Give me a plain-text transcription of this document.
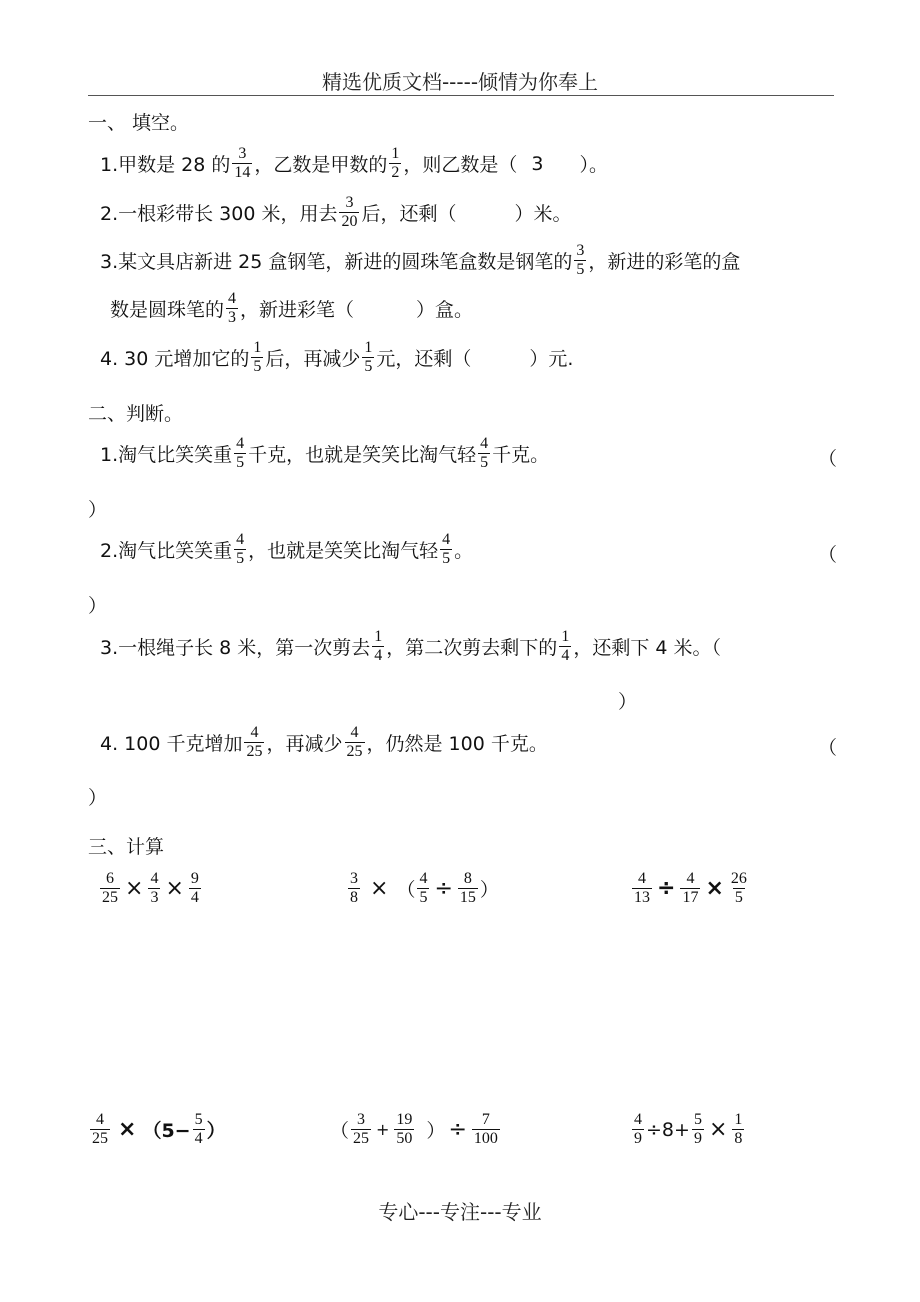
精选优质文档-----倾情为你奉上
一、 填空。
1.甲数是 28 的 $\frac{3}{14}$ ，乙数是甲数的 $\frac{1}{2}$ ，则乙数是（ 3 ）。
2.一根彩带长 300 米，用去 $\frac{3}{20}$ 后，还剩（	）米。
3.某文具店新进 25 盒钢笔，新进的圆珠笔盒数是钢笔的 $\frac{3}{5}$ ，新进的彩笔的盒
数是圆珠笔的 $\frac{4}{3}$ ，新进彩笔（	）盒。
4. 30 元增加它的 $\frac{1}{5}$ 后，再减少 $\frac{1}{5}$ 元，还剩（	）元.
二、判断。
1.淘气比笑笑重 $\frac{4}{5}$ 千克，也就是笑笑比淘气轻 $\frac{4}{5}$ 千克。	（
）
2.淘气比笑笑重 $\frac{4}{5}$ ，也就是笑笑比淘气轻 $\frac{4}{5}$ 。	（
）
3.一根绳子长 8 米，第一次剪去 $\frac{1}{4}$ ，第二次剪去剩下的 $\frac{1}{4}$ ，还剩下 4 米。（
）
4. 100 千克增加 $\frac{4}{25}$ ，再减少 $\frac{4}{25}$ ，仍然是 100 千克。	（
）
三、计算
$\frac{6}{25} \times \frac{4}{3} \times \frac{9}{4}$	$\frac{3}{8}$ × （ $\frac{4}{5} \div \frac{8}{15}$ ）	$\frac{4}{13} \div \frac{4}{17} \times \frac{26}{5}$
$\frac{4}{25} \times (5- \frac{5}{4}$ ）	（ $\frac{3}{25} + \frac{19}{50}$ ） ÷ $\frac{7}{100}$	$\frac{4}{9} \div 8+ \frac{5}{9} \times \frac{1}{8}$
专心---专注---专业
